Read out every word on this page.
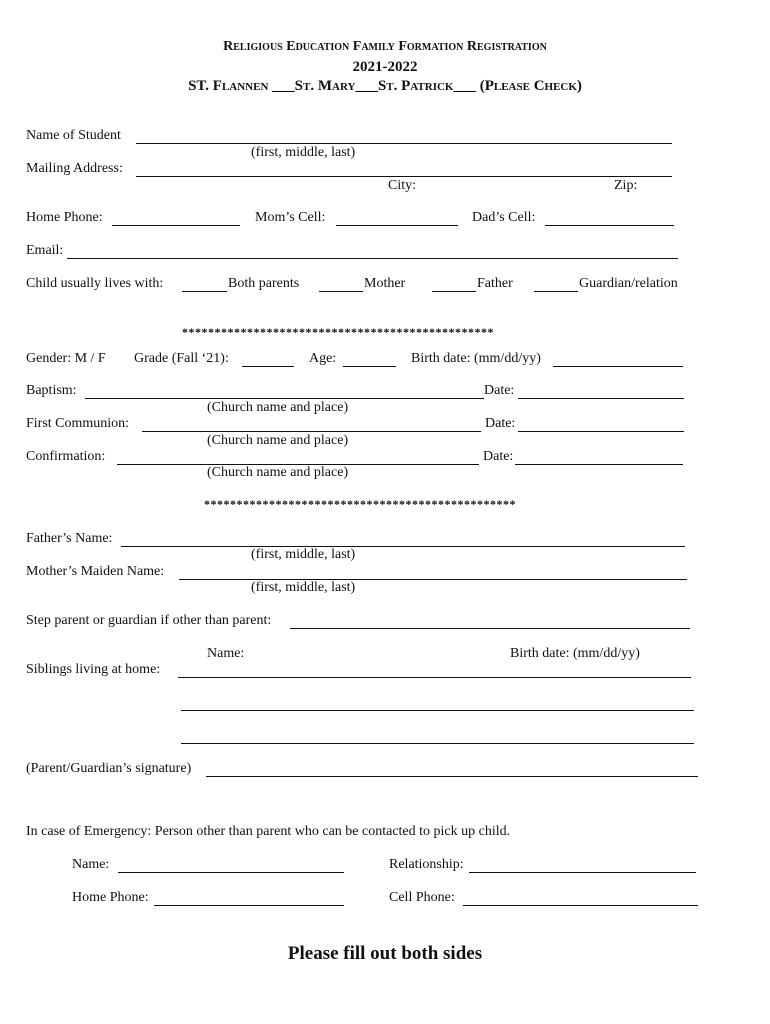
Religious Education Family Formation Registration
2021-2022
ST. Flannen ___St. Mary___St. Patrick___ (Please Check)
Name of Student
(first, middle, last)
Mailing Address:
City:	Zip:
Home Phone:	Mom’s Cell:	Dad’s Cell:
Email:
Child usually lives with:	Both parents	Mother	Father	Guardian/relation
************************************************
Gender: M / F Grade (Fall ‘21):	Age:	Birth date: (mm/dd/yy)
Baptism:	Date:
(Church name and place)
First Communion:	Date:
(Church name and place)
Confirmation:	Date:
(Church name and place)
************************************************
Father’s Name:
(first, middle, last)
Mother’s Maiden Name:
(first, middle, last)
Step parent or guardian if other than parent:
Name:	Birth date: (mm/dd/yy)
Siblings living at home:
(Parent/Guardian’s signature)
In case of Emergency: Person other than parent who can be contacted to pick up child.
Name:	Relationship:
Home Phone:	Cell Phone:
Please fill out both sides
